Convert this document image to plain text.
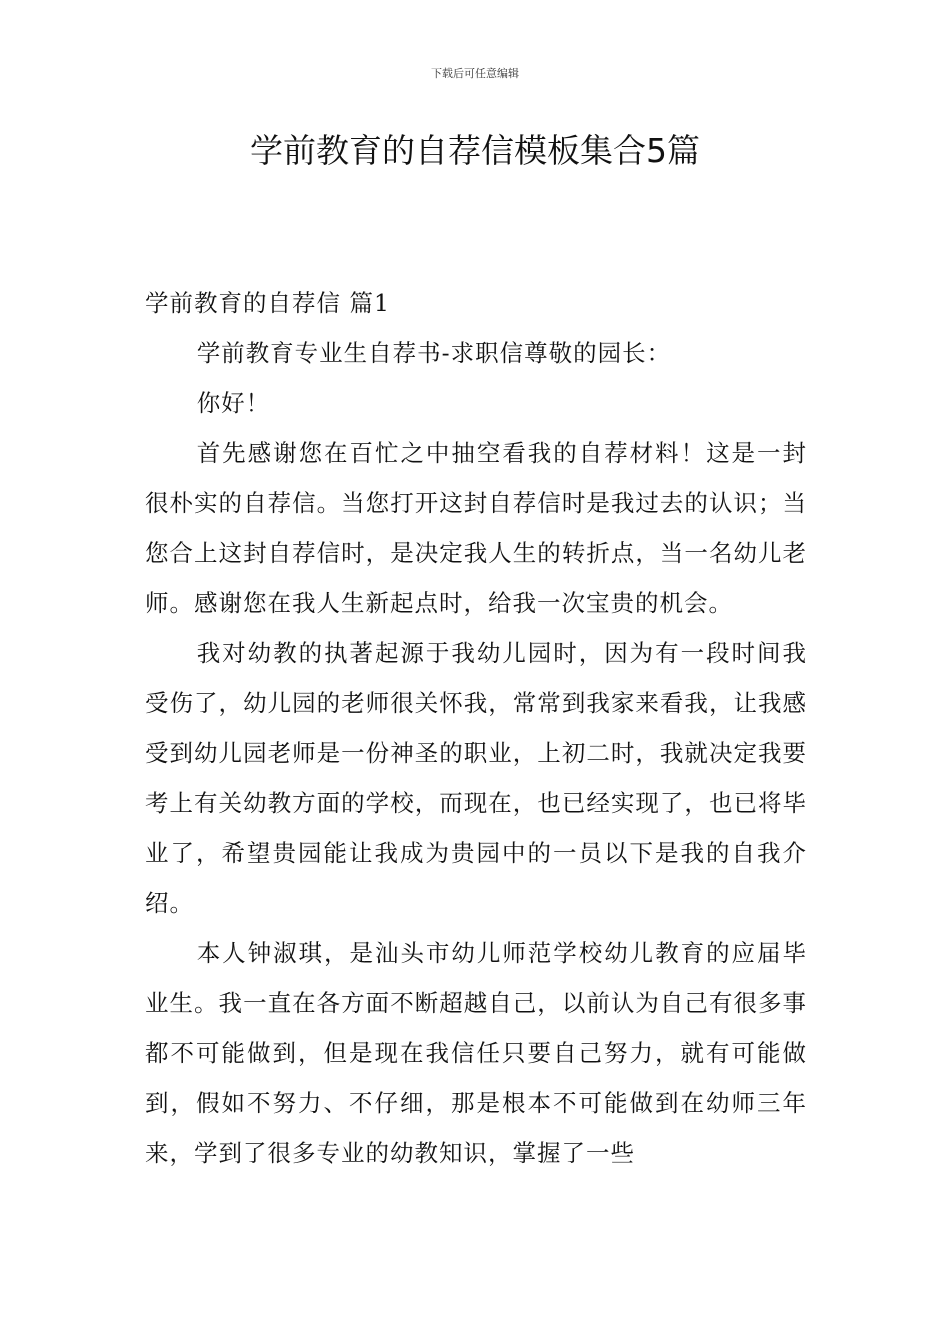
下载后可任意编辑
学前教育的自荐信模板集合5篇

学前教育的自荐信 篇1

学前教育专业生自荐书-求职信尊敬的园长：

你好！

首先感谢您在百忙之中抽空看我的自荐材料！这是一封很朴实的自荐信。当您打开这封自荐信时是我过去的认识；当您合上这封自荐信时，是决定我人生的转折点，当一名幼儿老师。感谢您在我人生新起点时，给我一次宝贵的机会。

我对幼教的执著起源于我幼儿园时，因为有一段时间我受伤了，幼儿园的老师很关怀我，常常到我家来看我，让我感受到幼儿园老师是一份神圣的职业，上初二时，我就决定我要考上有关幼教方面的学校，而现在，也已经实现了，也已将毕业了，希望贵园能让我成为贵园中的一员以下是我的自我介绍。

本人钟淑琪，是汕头市幼儿师范学校幼儿教育的应届毕业生。我一直在各方面不断超越自己，以前认为自己有很多事都不可能做到，但是现在我信任只要自己努力，就有可能做到，假如不努力、不仔细，那是根本不可能做到在幼师三年来，学到了很多专业的幼教知识，掌握了一些
